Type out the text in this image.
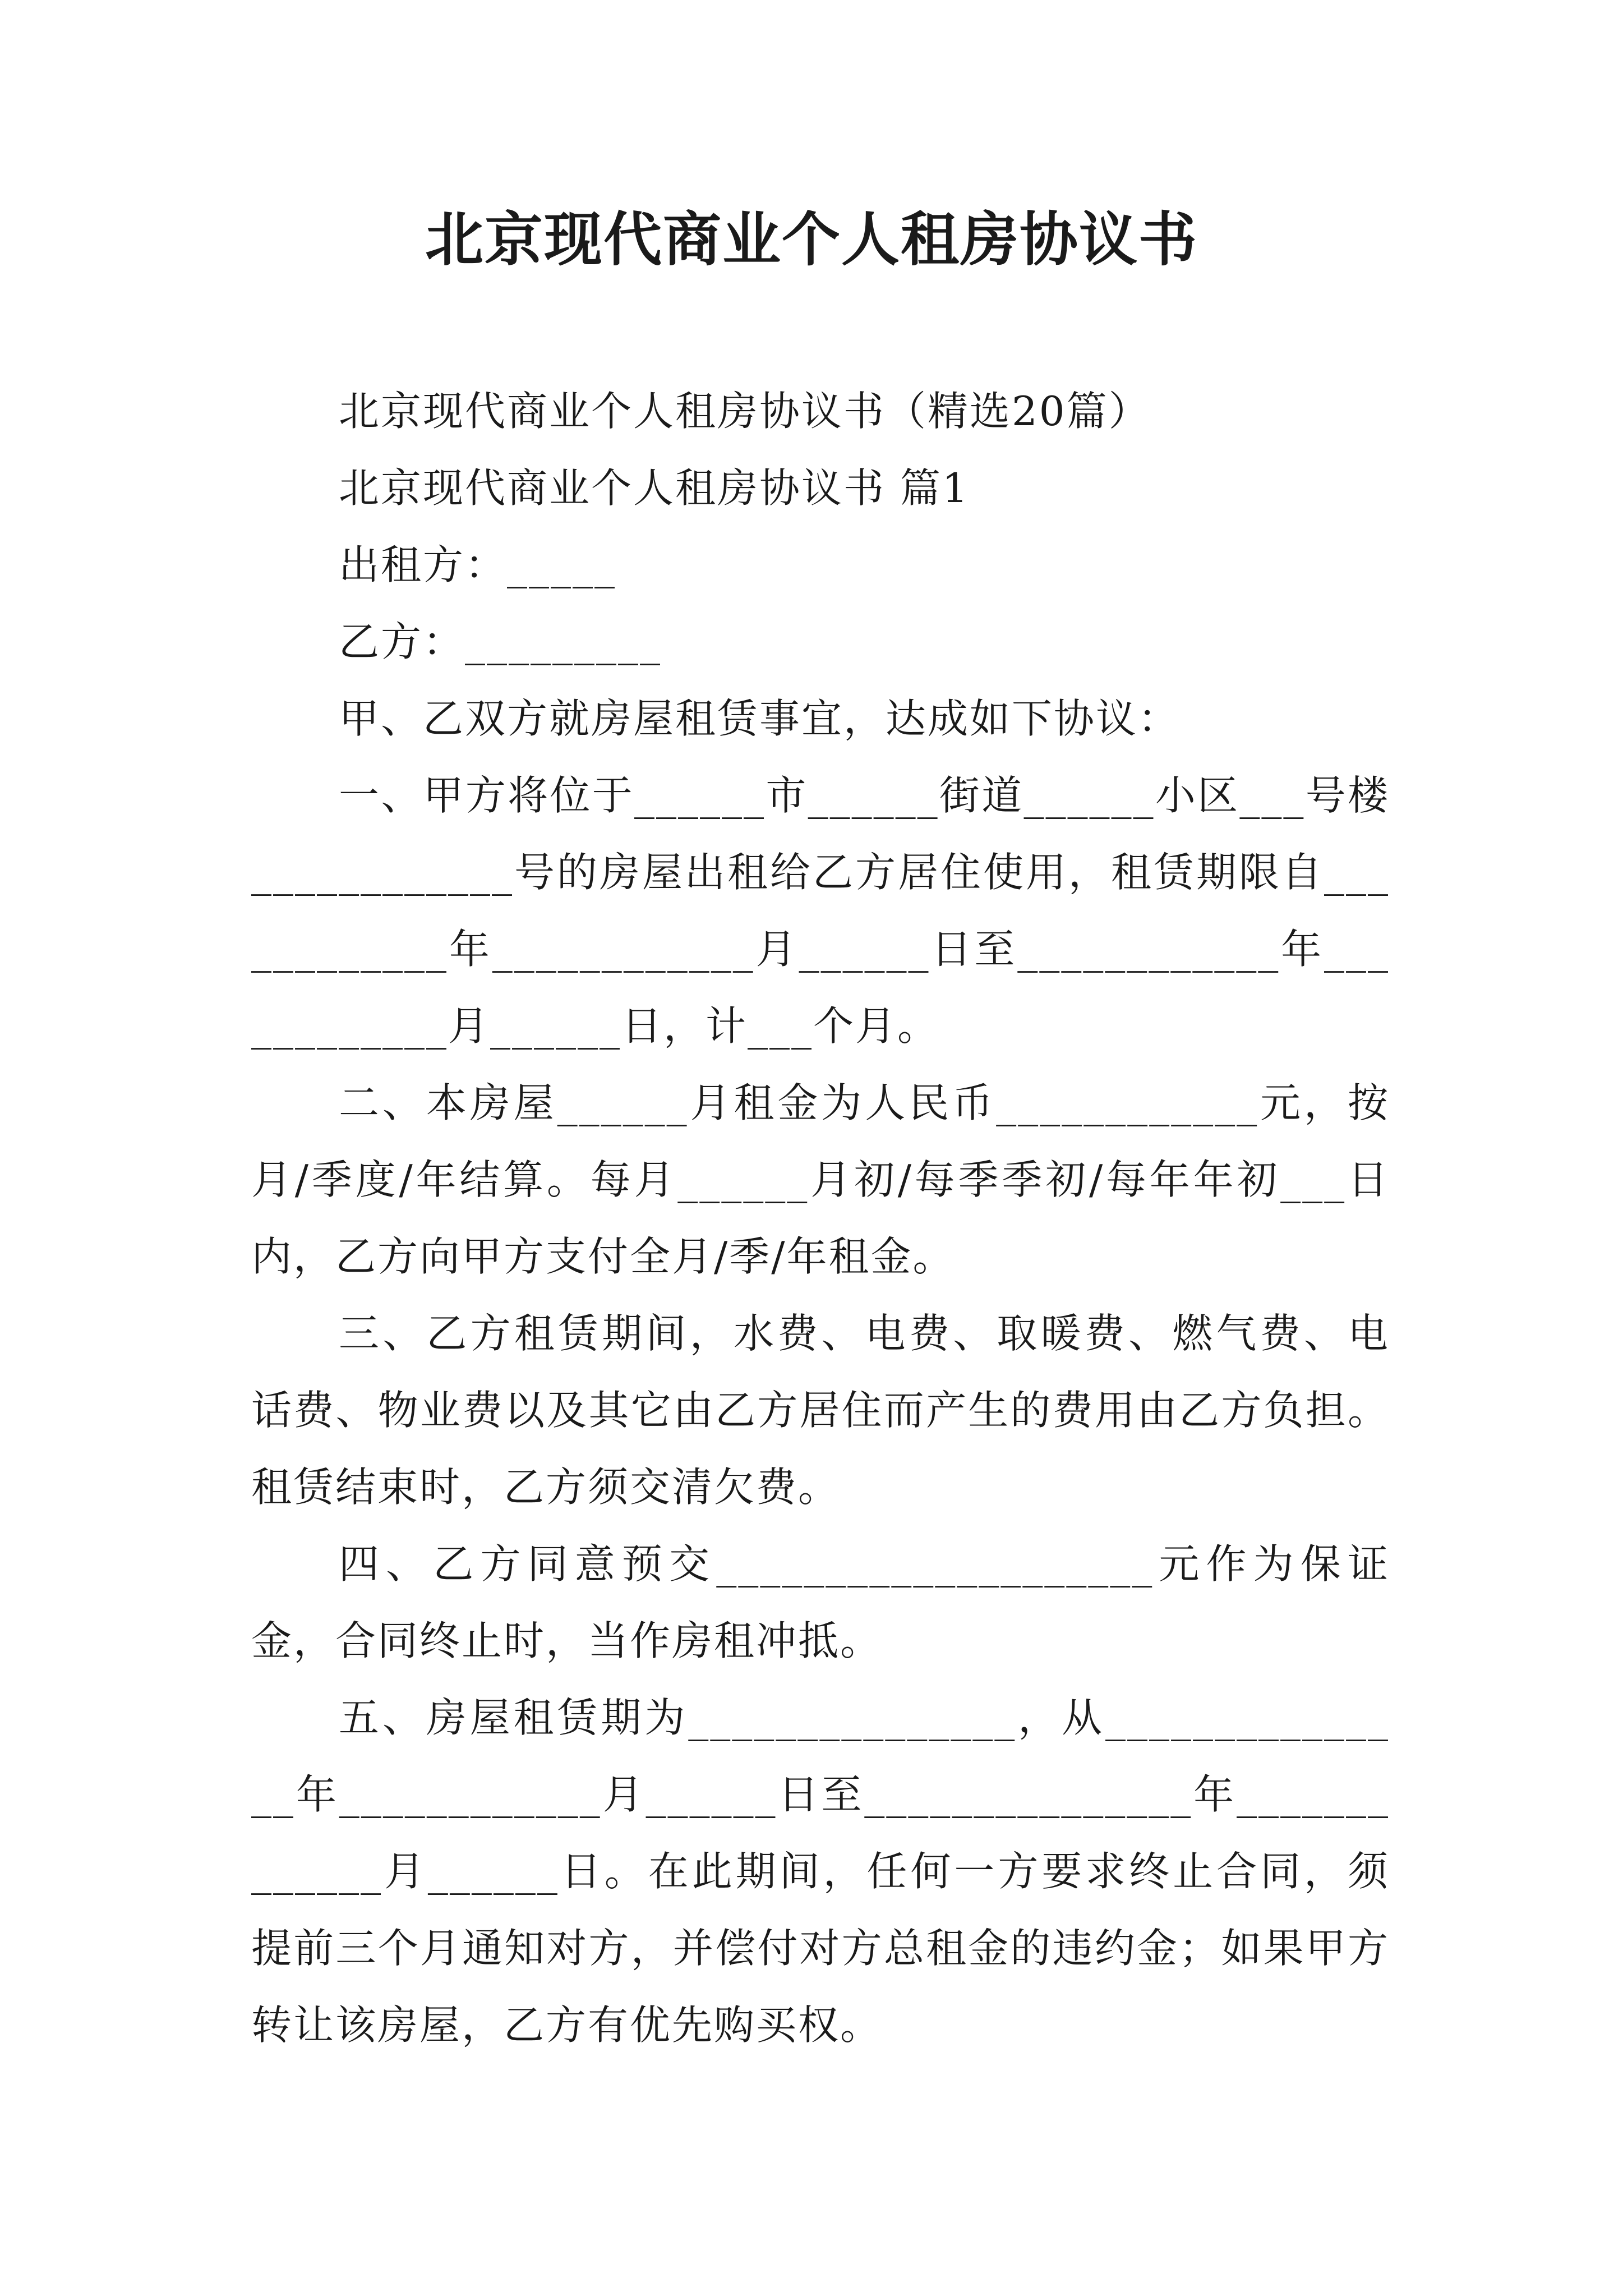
北京现代商业个人租房协议书

北京现代商业个人租房协议书（精选20篇）

北京现代商业个人租房协议书 篇1

出租方：_____

乙方：_________

甲、乙双方就房屋租赁事宜，达成如下协议：

一、甲方将位于______市______街道______小区___号楼____________号的房屋出租给乙方居住使用，租赁期限自____________年____________月______日至____________年____________月______日，计___个月。

二、本房屋______月租金为人民币____________元，按月/季度/年结算。每月______月初/每季季初/每年年初___日内，乙方向甲方支付全月/季/年租金。

三、乙方租赁期间，水费、电费、取暖费、燃气费、电话费、物业费以及其它由乙方居住而产生的费用由乙方负担。租赁结束时，乙方须交清欠费。

四、乙方同意预交____________________元作为保证金，合同终止时，当作房租冲抵。

五、房屋租赁期为_______________，从_______________年____________月______日至_______________年_____________月______日。在此期间，任何一方要求终止合同，须提前三个月通知对方，并偿付对方总租金的违约金；如果甲方转让该房屋，乙方有优先购买权。
